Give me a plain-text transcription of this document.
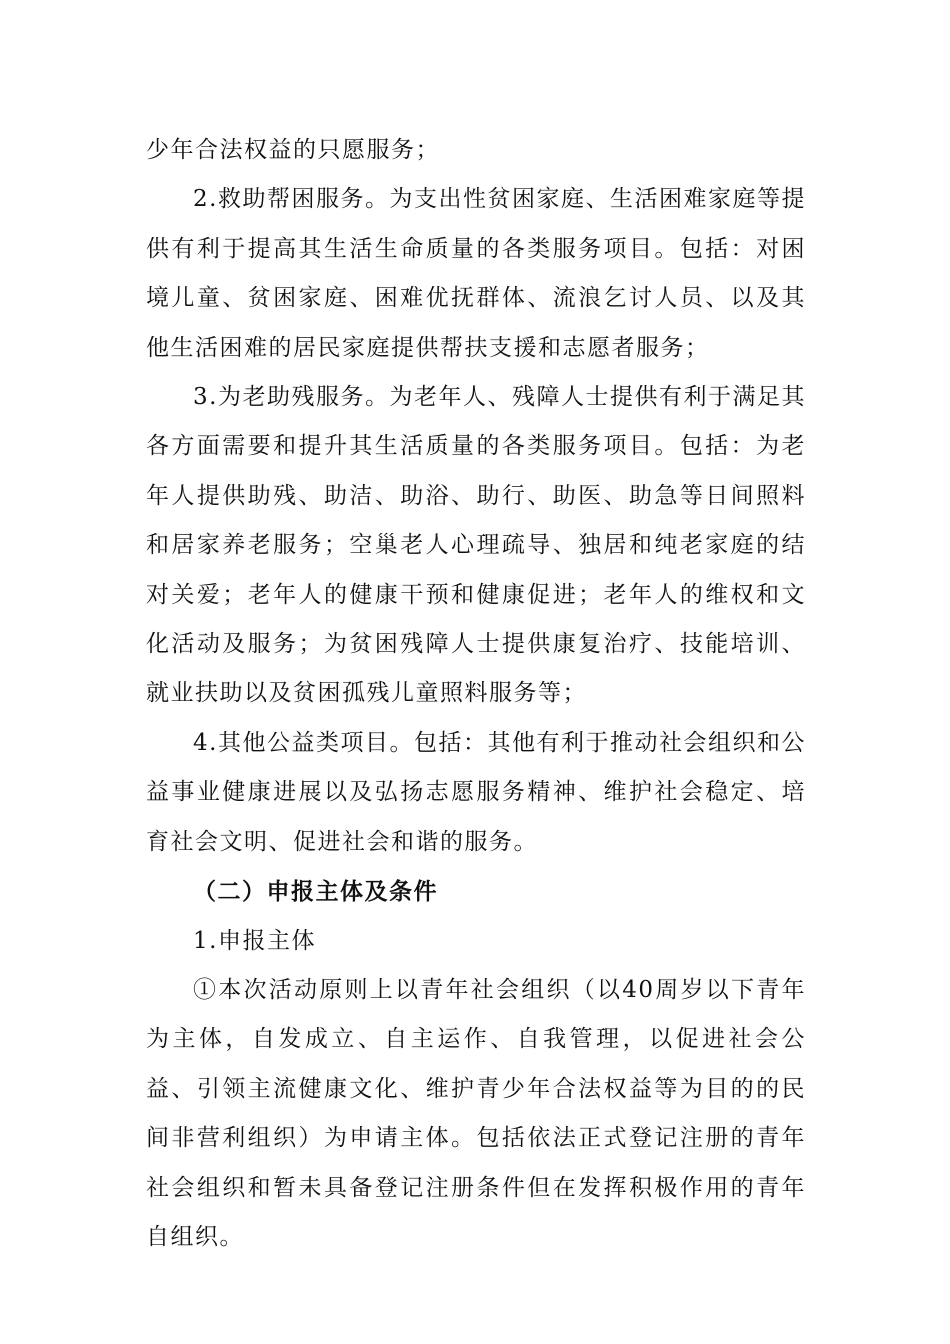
少年合法权益的只愿服务；

2.救助帮困服务。为支出性贫困家庭、生活困难家庭等提供有利于提高其生活生命质量的各类服务项目。包括：对困境儿童、贫困家庭、困难优抚群体、流浪乞讨人员、以及其他生活困难的居民家庭提供帮扶支援和志愿者服务；

3.为老助残服务。为老年人、残障人士提供有利于满足其各方面需要和提升其生活质量的各类服务项目。包括：为老年人提供助残、助洁、助浴、助行、助医、助急等日间照料和居家养老服务；空巢老人心理疏导、独居和纯老家庭的结对关爱；老年人的健康干预和健康促进；老年人的维权和文化活动及服务；为贫困残障人士提供康复治疗、技能培训、就业扶助以及贫困孤残儿童照料服务等；

4.其他公益类项目。包括：其他有利于推动社会组织和公益事业健康进展以及弘扬志愿服务精神、维护社会稳定、培育社会文明、促进社会和谐的服务。

（二）申报主体及条件

1.申报主体

①本次活动原则上以青年社会组织（以40周岁以下青年为主体，自发成立、自主运作、自我管理，以促进社会公益、引领主流健康文化、维护青少年合法权益等为目的的民间非营利组织）为申请主体。包括依法正式登记注册的青年社会组织和暂未具备登记注册条件但在发挥积极作用的青年自组织。
